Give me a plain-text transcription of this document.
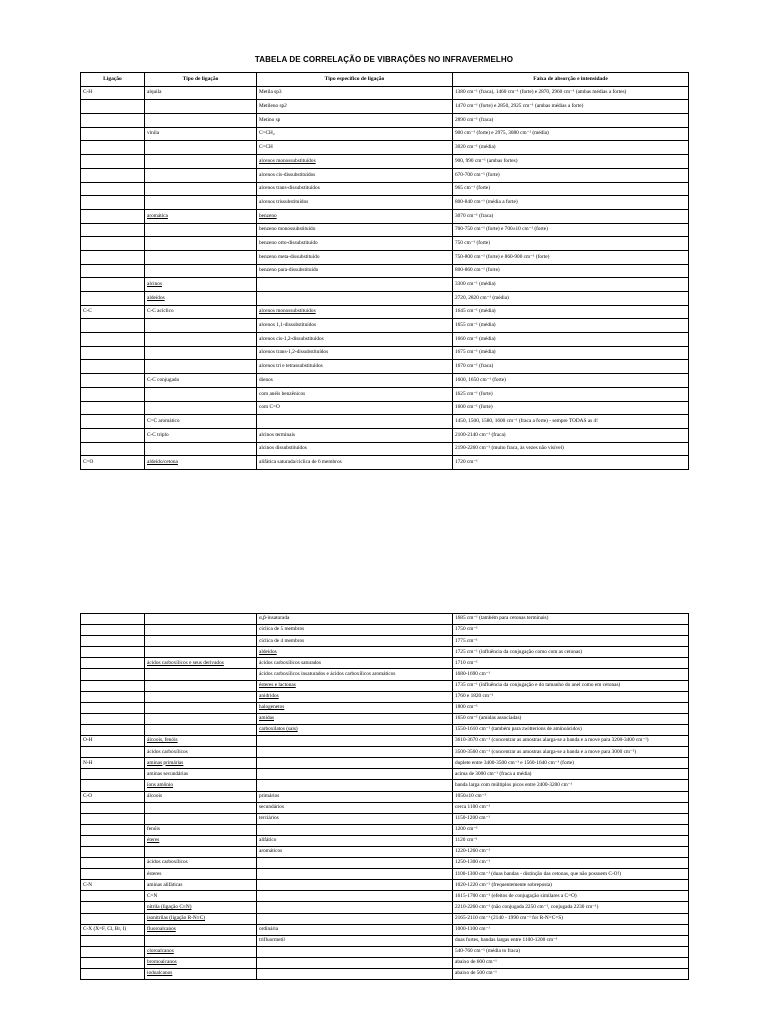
TABELA DE CORRELAÇÃO DE VIBRAÇÕES NO INFRAVERMELHO
Ligação	Tipo de ligação	Tipo específico de ligação	Faixa de absorção e intensidade
C-H	alquila	Metila sp3	1380 cm⁻¹ (fraca), 1460 cm⁻¹ (forte) e 2870, 2960 cm⁻¹ (ambas médias a fortes)
		Metileno sp2	1470 cm⁻¹ (forte) e 2850, 2925 cm⁻¹ (ambas médias a forte)
		Metino sp	2890 cm⁻¹ (fraca)
	vinila	C=CH₂	900 cm⁻¹ (forte) e 2975, 3080 cm⁻¹ (média)
		C=CH	3020 cm⁻¹ (média)
		alcenos monossubstituídos	900, 990 cm⁻¹ (ambas fortes)
		alcenos cis-dissubstituídos	670-700 cm⁻¹ (forte)
		alcenos trans-dissubstituídos	965 cm⁻¹ (forte)
		alcenos trissubstituídos	800-840 cm⁻¹ (média a forte)
	aromática	benzeno	3070 cm⁻¹ (fraca)
		benzeno monossubstituído	700-750 cm⁻¹ (forte) e 700±10 cm⁻¹ (forte)
		benzeno orto-dissubstituído	750 cm⁻¹ (forte)
		benzeno meta-dissubstituído	750-800 cm⁻¹ (forte) e 860-900 cm⁻¹ (forte)
		benzeno para-dissubstituído	800-860 cm⁻¹ (forte)
	alcinos		3300 cm⁻¹ (média)
	aldeídos		2720, 2820 cm⁻¹ (média)
C-C	C-C acíclico	alcenos monossubstituídos	1645 cm⁻¹ (média)
		alcenos 1,1-dissubstituídos	1655 cm⁻¹ (média)
		alcenos cis-1,2-dissubstituídos	1660 cm⁻¹ (média)
		alcenos trans-1,2-dissubstituídos	1675 cm⁻¹ (média)
		alcenos tri e tetrassubstituídos	1670 cm⁻¹ (fraca)
	C-C conjugado	dienos	1600, 1650 cm⁻¹ (forte)
		com anéis benzênicos	1625 cm⁻¹ (forte)
		com C=O	1600 cm⁻¹ (forte)
	C=C aromático		1450, 1500, 1580, 1600 cm⁻¹ (fraca a forte) - sempre TODAS as 4!
	C-C triplo	alcinos terminais	2100-2140 cm⁻¹ (fraca)
		alcinos dissubstituídos	2190-2260 cm⁻¹ (muito fraca, às vezes não visível)
C=O	aldeído/cetona	alifática saturada/cíclica de 6 membros	1720 cm⁻¹
		α,β-insaturada	1685 cm⁻¹ (também para cetonas terminais)
		cíclica de 5 membros	1750 cm⁻¹
		cíclica de 4 membros	1775 cm⁻¹
		aldeídos	1725 cm⁻¹ (influência da conjugação como com as cetonas)
	ácidos carboxílicos e seus derivados	ácidos carboxílicos saturados	1710 cm⁻¹
		ácidos carboxílicos insaturados e ácidos carboxílicos aromáticos	1680-1690 cm⁻¹
		ésteres e lactonas	1735 cm⁻¹ (influência da conjugação e do tamanho do anel como em cetonas)
		anidridos	1760 e 1820 cm⁻¹
		halogenetos	1800 cm⁻¹
		amidas	1650 cm⁻¹ (amidas associadas)
		carboxilatos (sais)	1550-1610 cm⁻¹ (também para zwitterions de aminoácidos)
O-H	álcoois, fenóis		3610-3670 cm⁻¹ (concentrar as amostras alarga-se a banda e a move para 3200-3400 cm⁻¹)
	ácidos carboxílicos		3500-3560 cm⁻¹ (concentrar as amostras alarga-se a banda e a move para 3000 cm⁻¹)
N-H	aminas primárias		duplete entre 3400-3500 cm⁻¹ e 1560-1640 cm⁻¹ (forte)
	aminas secundárias		acima de 3000 cm⁻¹ (fraca a média)
	íons amônio		banda larga com múltiplos picos entre 2400-3200 cm⁻¹
C-O	álcoois	primários	1050±10 cm⁻¹
		secundários	cerca 1100 cm⁻¹
		terciários	1150-1200 cm⁻¹
	fenóis		1200 cm⁻¹
	éteres	alifático	1120 cm⁻¹
		aromáticos	1220-1260 cm⁻¹
	ácidos carboxílicos		1250-1300 cm⁻¹
	ésteres		1100-1300 cm⁻¹ (duas bandas - distinção das cetonas, que não possuem C-O!)
C-N	aminas alifáticas		1020-1220 cm⁻¹ (frequentemente sobreposta)
	C=N		1615-1700 cm⁻¹ (efeitos de conjugação similares a C=O)
	nitrila (ligação C≡N)		2210-2260 cm⁻¹ (não conjugada 2250 cm⁻¹, conjugada 2230 cm⁻¹)
	isonitrilas (ligação R-N≡C)		2165-2110 cm⁻¹ (2140 - 1990 cm⁻¹ for R-N=C=S)
C-X (X=F, Cl, Br, I)	fluoroalcanos	ordinária	1000-1100 cm⁻¹
		trifluormetil	duas fortes, bandas largas entre 1100-1200 cm⁻¹
	cloroalcanos		540-760 cm⁻¹ (média to fraca)
	bromoalcanos		abaixo de 600 cm⁻¹
	iodoalcanos		abaixo de 500 cm⁻¹
